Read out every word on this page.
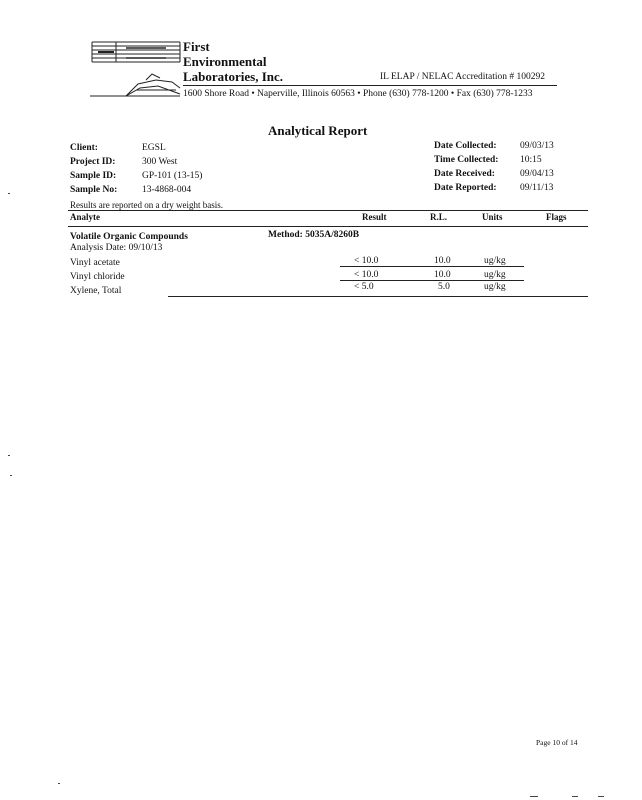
First
Environmental
Laboratories, Inc.	IL ELAP / NELAC Accreditation # 100292
1600 Shore Road • Naperville, Illinois 60563 • Phone (630) 778-1200 • Fax (630) 778-1233
Analytical Report
Client:	EGSL
Project ID:	300 West
Sample ID:	GP-101 (13-15)
Sample No:	13-4868-004
Date Collected: 09/03/13
Time Collected: 10:15
Date Received:	09/04/13
Date Reported: 09/11/13
Results are reported on a dry weight basis.
Analyte	Result	R.L.	Units	Flags
Volatile Organic Compounds	Method: 5035A/8260B
Analysis Date: 09/10/13
Vinyl acetate	< 10.0	10.0	ug/kg
Vinyl chloride	< 10.0	10.0	ug/kg
Xylene, Total	< 5.0	5.0	ug/kg
Page 10 of 14
